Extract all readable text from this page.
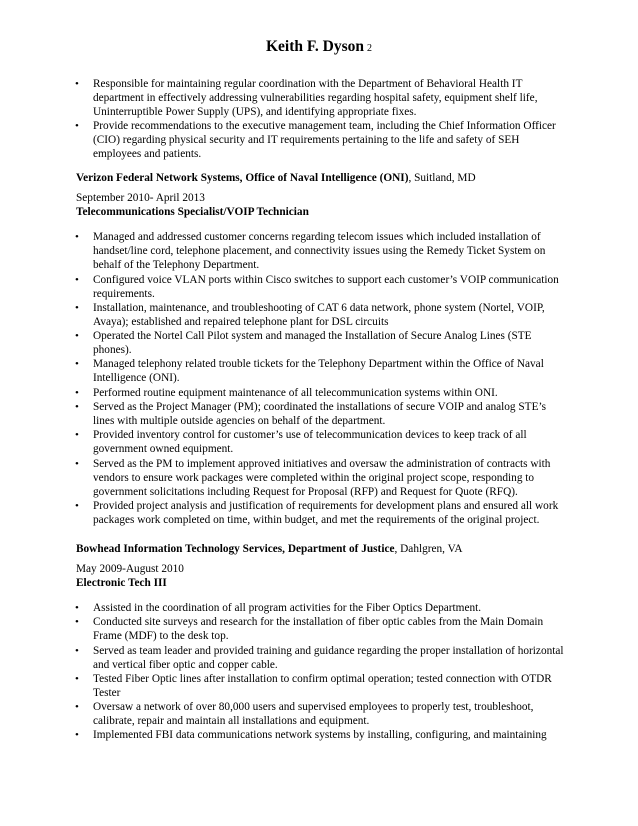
Keith F. Dyson 2
• Responsible for maintaining regular coordination with the Department of Behavioral Health IT department in effectively addressing vulnerabilities regarding hospital safety, equipment shelf life, Uninterruptible Power Supply (UPS), and identifying appropriate fixes.
• Provide recommendations to the executive management team, including the Chief Information Officer (CIO) regarding physical security and IT requirements pertaining to the life and safety of SEH employees and patients.
Verizon Federal Network Systems, Office of Naval Intelligence (ONI), Suitland, MD
September 2010- April 2013
Telecommunications Specialist/VOIP Technician
• Managed and addressed customer concerns regarding telecom issues which included installation of handset/line cord, telephone placement, and connectivity issues using the Remedy Ticket System on behalf of the Telephony Department.
• Configured voice VLAN ports within Cisco switches to support each customer’s VOIP communication requirements.
• Installation, maintenance, and troubleshooting of CAT 6 data network, phone system (Nortel, VOIP, Avaya); established and repaired telephone plant for DSL circuits
• Operated the Nortel Call Pilot system and managed the Installation of Secure Analog Lines (STE phones).
• Managed telephony related trouble tickets for the Telephony Department within the Office of Naval Intelligence (ONI).
• Performed routine equipment maintenance of all telecommunication systems within ONI.
• Served as the Project Manager (PM); coordinated the installations of secure VOIP and analog STE’s lines with multiple outside agencies on behalf of the department.
• Provided inventory control for customer’s use of telecommunication devices to keep track of all government owned equipment.
• Served as the PM to implement approved initiatives and oversaw the administration of contracts with vendors to ensure work packages were completed within the original project scope, responding to government solicitations including Request for Proposal (RFP) and Request for Quote (RFQ).
• Provided project analysis and justification of requirements for development plans and ensured all work packages work completed on time, within budget, and met the requirements of the original project.
Bowhead Information Technology Services, Department of Justice, Dahlgren, VA
May 2009-August 2010
Electronic Tech III
• Assisted in the coordination of all program activities for the Fiber Optics Department.
• Conducted site surveys and research for the installation of fiber optic cables from the Main Domain Frame (MDF) to the desk top.
• Served as team leader and provided training and guidance regarding the proper installation of horizontal and vertical fiber optic and copper cable.
• Tested Fiber Optic lines after installation to confirm optimal operation; tested connection with OTDR Tester
• Oversaw a network of over 80,000 users and supervised employees to properly test, troubleshoot, calibrate, repair and maintain all installations and equipment.
• Implemented FBI data communications network systems by installing, configuring, and maintaining
